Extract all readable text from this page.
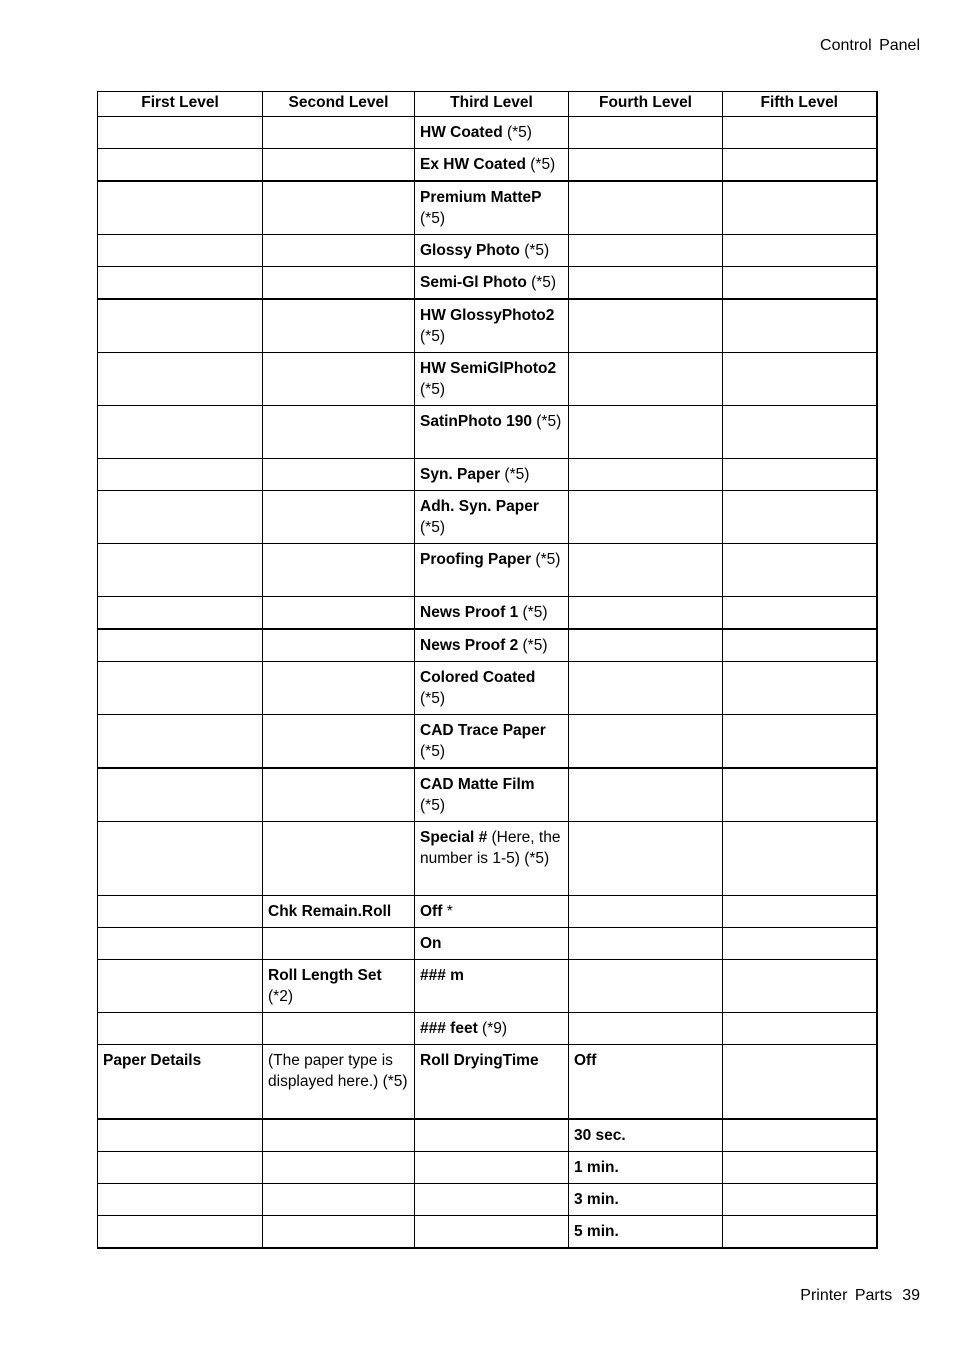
Control Panel
First Level	Second Level	Third Level	Fourth Level	Fifth Level
		HW Coated (*5)		
		Ex HW Coated (*5)		
		Premium MatteP (*5)		
		Glossy Photo (*5)		
		Semi-Gl Photo (*5)		
		HW GlossyPhoto2 (*5)		
		HW SemiGlPhoto2 (*5)		
		SatinPhoto 190 (*5)		
		Syn. Paper (*5)		
		Adh. Syn. Paper (*5)		
		Proofing Paper (*5)		
		News Proof 1 (*5)		
		News Proof 2 (*5)		
		Colored Coated (*5)		
		CAD Trace Paper (*5)		
		CAD Matte Film (*5)		
		Special # (Here, the number is 1-5) (*5)		
	Chk Remain.Roll	Off *		
		On		
	Roll Length Set (*2)	### m		
		### feet (*9)		
Paper Details	(The paper type is displayed here.) (*5)	Roll DryingTime	Off	
			30 sec.	
			1 min.	
			3 min.	
			5 min.	
Printer Parts 39
